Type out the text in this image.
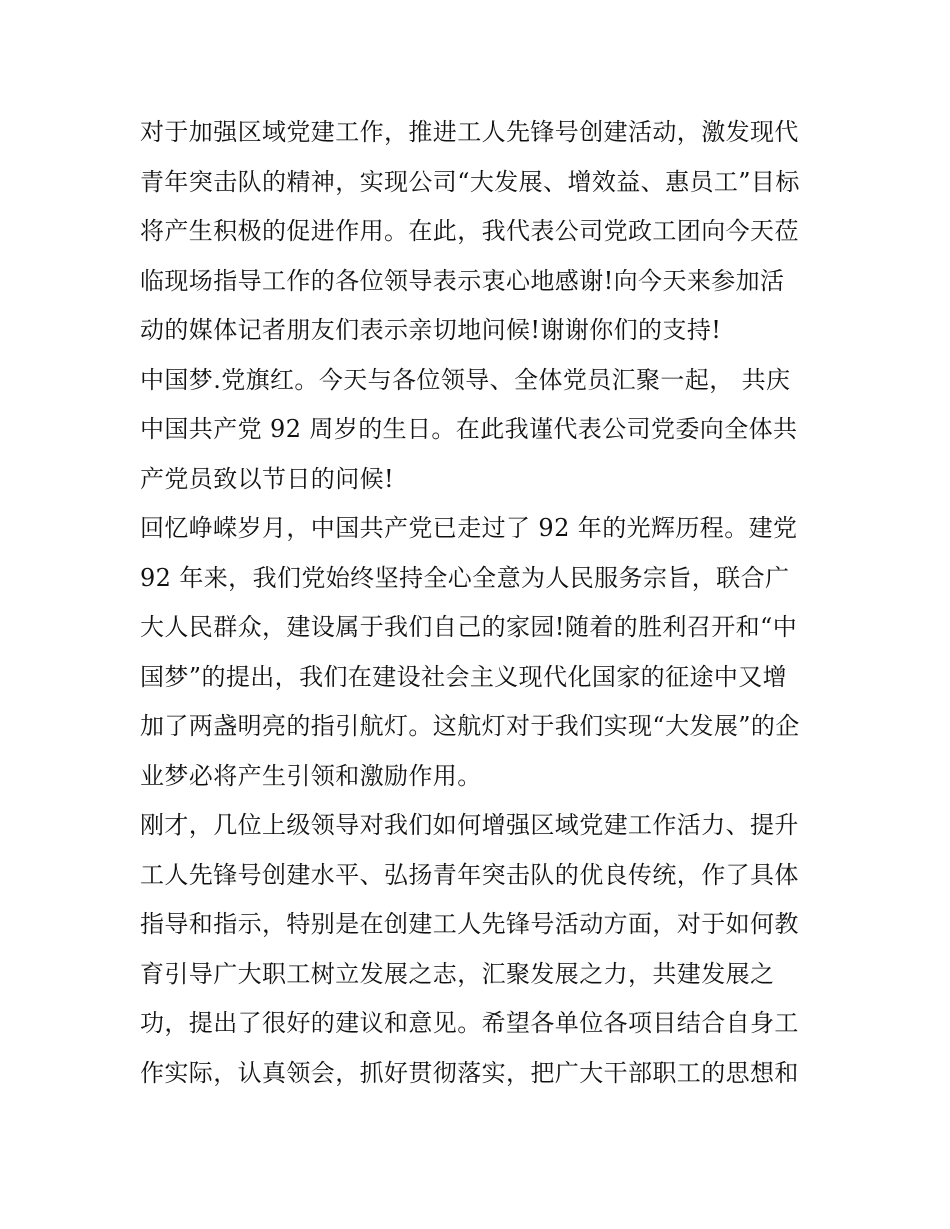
对于加强区域党建工作，推进工人先锋号创建活动，激发现代
青年突击队的精神，实现公司“大发展、增效益、惠员工”目标
将产生积极的促进作用。在此，我代表公司党政工团向今天莅
临现场指导工作的各位领导表示衷心地感谢!向今天来参加活
动的媒体记者朋友们表示亲切地问候!谢谢你们的支持!
中国梦.党旗红。今天与各位领导、全体党员汇聚一起， 共庆
中国共产党 92 周岁的生日。在此我谨代表公司党委向全体共
产党员致以节日的问候!
回忆峥嵘岁月，中国共产党已走过了 92 年的光辉历程。建党
92 年来，我们党始终坚持全心全意为人民服务宗旨，联合广
大人民群众，建设属于我们自己的家园!随着的胜利召开和“中
国梦”的提出，我们在建设社会主义现代化国家的征途中又增
加了两盏明亮的指引航灯。这航灯对于我们实现“大发展”的企
业梦必将产生引领和激励作用。
刚才，几位上级领导对我们如何增强区域党建工作活力、提升
工人先锋号创建水平、弘扬青年突击队的优良传统，作了具体
指导和指示，特别是在创建工人先锋号活动方面，对于如何教
育引导广大职工树立发展之志，汇聚发展之力，共建发展之
功，提出了很好的建议和意见。希望各单位各项目结合自身工
作实际，认真领会，抓好贯彻落实，把广大干部职工的思想和
